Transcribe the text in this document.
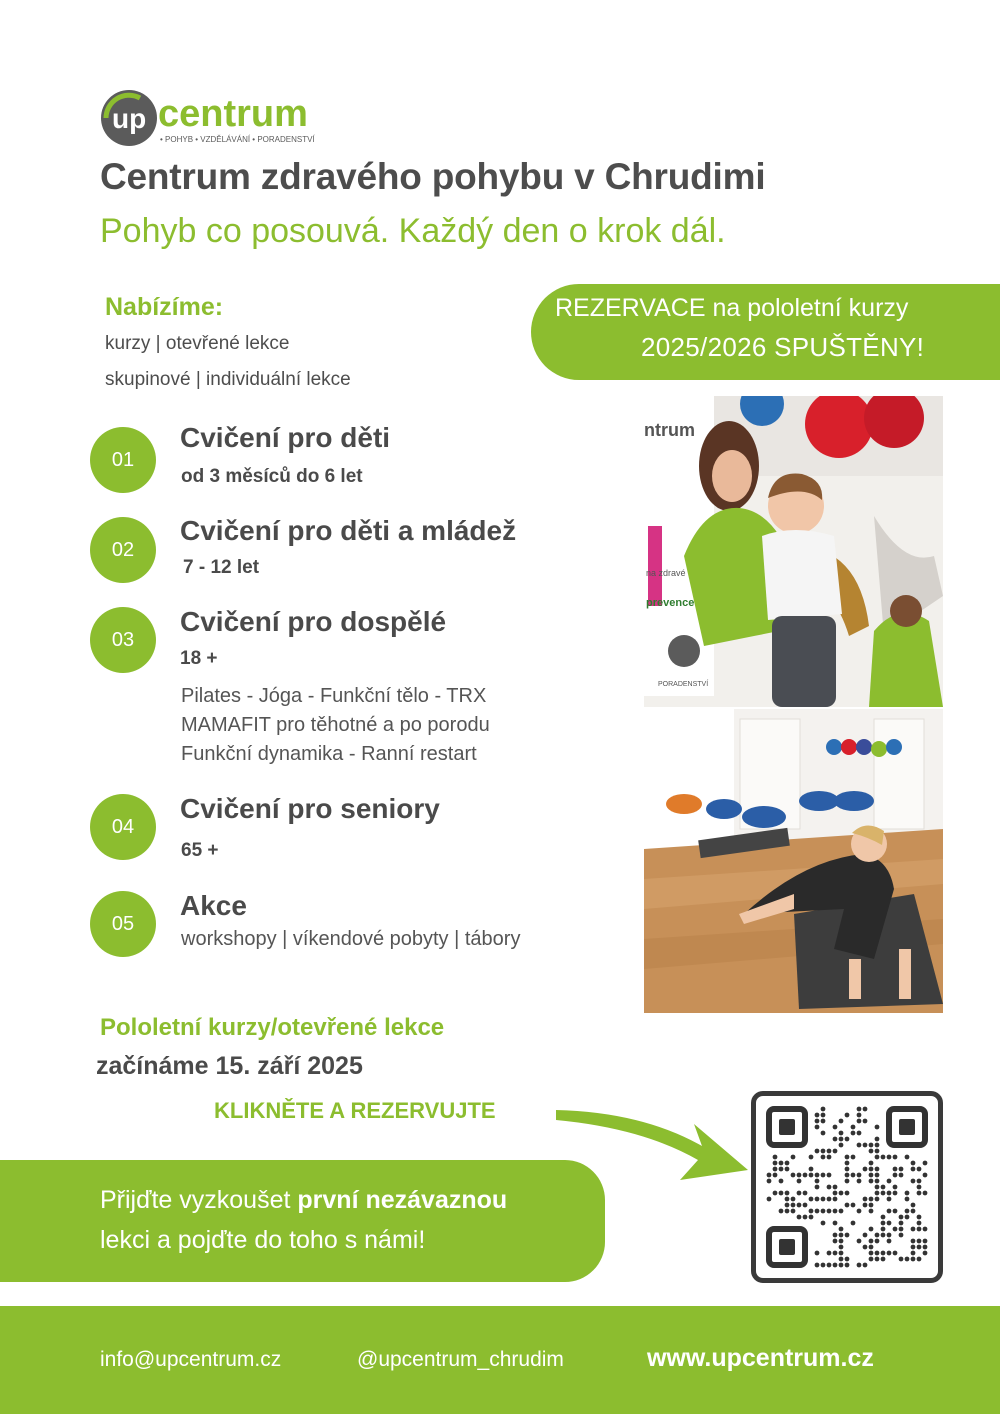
up centrum
• POHYB • VZDĚLÁVÁNÍ • PORADENSTVÍ
Centrum zdravého pohybu v Chrudimi
Pohyb co posouvá. Každý den o krok dál.
Nabízíme:
kurzy | otevřené lekce
skupinové | individuální lekce
REZERVACE na pololetní kurzy
2025/2026 SPUŠTĚNY!
01
Cvičení pro děti
od 3 měsíců do 6 let
02
Cvičení pro děti a mládež
7 - 12 let
03
Cvičení pro dospělé
18 +
Pilates - Jóga - Funkční tělo - TRX
MAMAFIT pro těhotné a po porodu
Funkční dynamika - Ranní restart
04
Cvičení pro seniory
65 +
05
Akce
workshopy | víkendové pobyty | tábory
ntrum
na zdravé
prevence
PORADENSTVÍ
Pololetní kurzy/otevřené lekce
začínáme 15. září 2025
KLIKNĚTE A REZERVUJTE
Přijďte vyzkoušet první nezávaznou
lekci a pojďte do toho s námi!
info@upcentrum.cz	@upcentrum_chrudim	www.upcentrum.cz
